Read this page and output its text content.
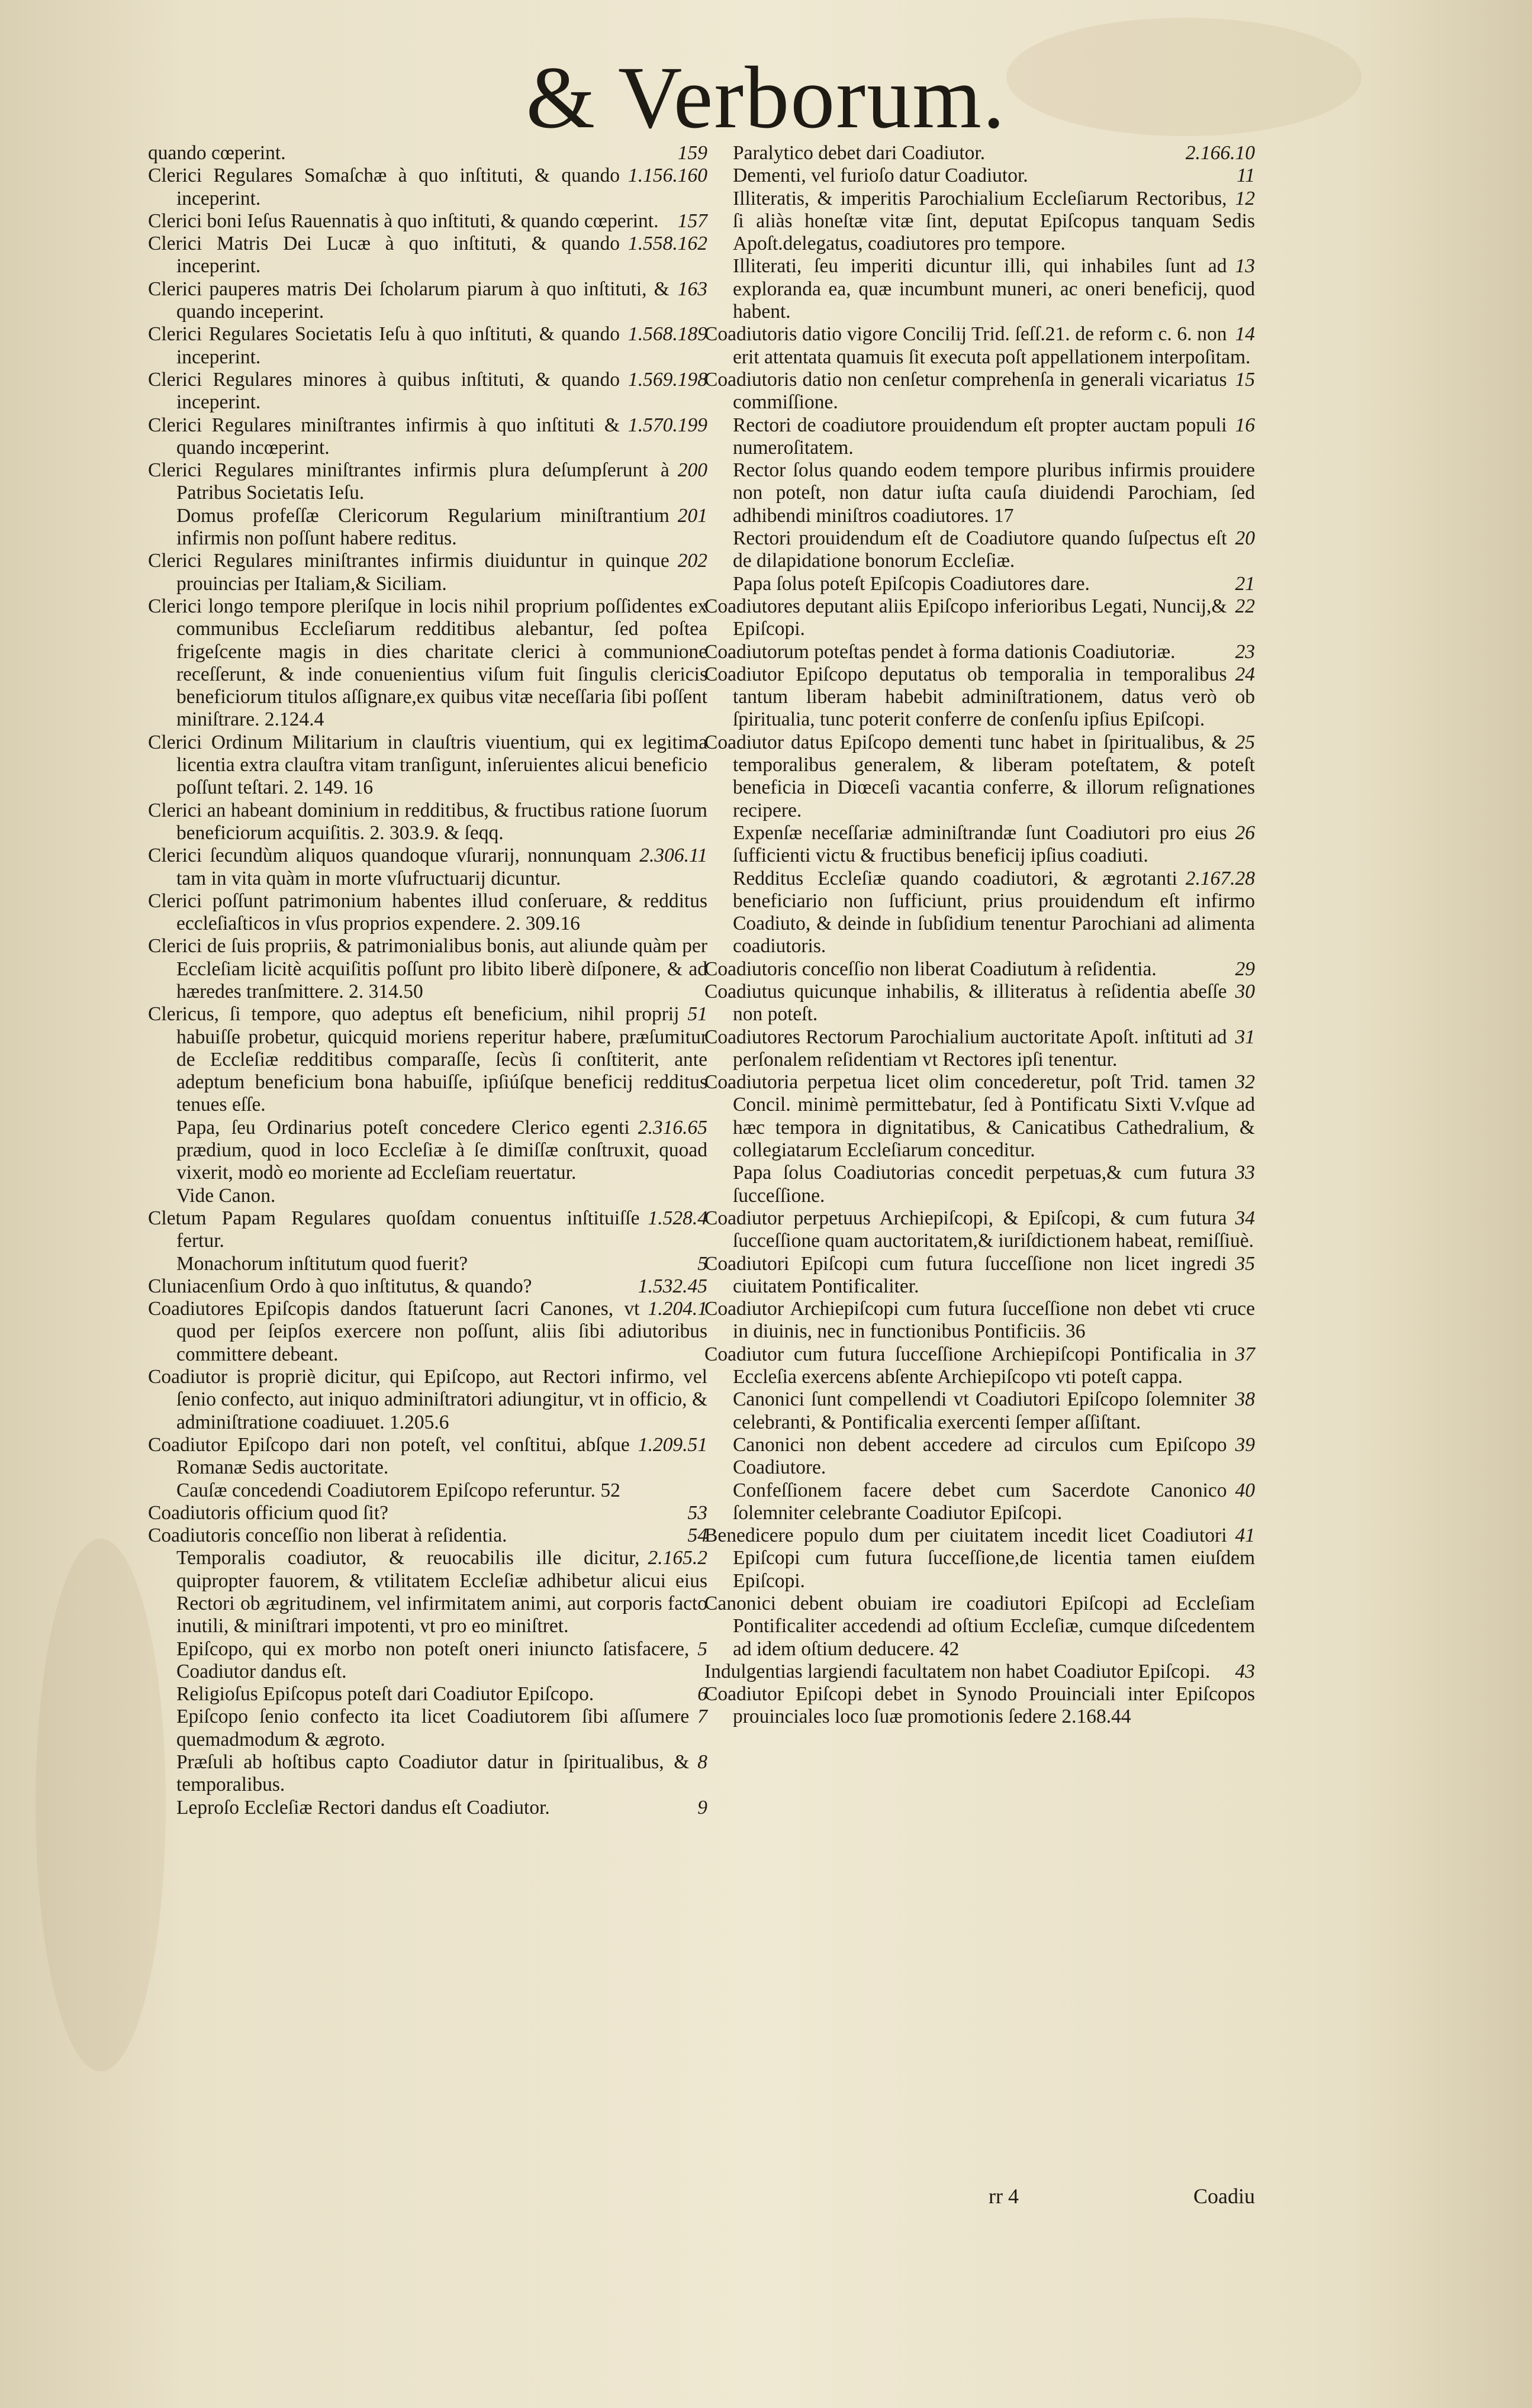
& Verborum.

159
quando cœperint.

1.156.160
Clerici Regulares Somaſchæ à quo inſtituti, & quando inceperint.

157
Clerici boni Ieſus Rauennatis à quo inſtituti, & quando cœperint.

1.558.162
Clerici Matris Dei Lucæ à quo inſtituti, & quando inceperint.

163
Clerici pauperes matris Dei ſcholarum piarum à quo inſtituti, & quando inceperint.

1.568.189
Clerici Regulares Societatis Ieſu à quo inſtituti, & quando inceperint.

1.569.198
Clerici Regulares minores à quibus inſtituti, & quando inceperint.

1.570.199
Clerici Regulares miniſtrantes infirmis à quo inſtituti & quando incœperint.

200
Clerici Regulares miniſtrantes infirmis plura deſumpſerunt à Patribus Societatis Ieſu.

201
Domus profeſſæ Clericorum Regularium miniſtrantium infirmis non poſſunt habere reditus.

202
Clerici Regulares miniſtrantes infirmis diuiduntur in quinque prouincias per Italiam,& Siciliam.

Clerici longo tempore pleriſque in locis nihil proprium poſſidentes ex communibus Eccleſiarum redditibus alebantur, ſed poſtea frigeſcente magis in dies charitate clerici à communione receſſerunt, & inde conuenientius viſum fuit ſingulis clericis beneficiorum titulos aſſignare,ex quibus vitæ neceſſaria ſibi poſſent miniſtrare. 2.124.4

Clerici Ordinum Militarium in clauſtris viuentium, qui ex legitima licentia extra clauſtra vitam tranſigunt, inſeruientes alicui beneficio poſſunt teſtari. 2. 149. 16

Clerici an habeant dominium in redditibus, & fructibus ratione ſuorum beneficiorum acquiſitis. 2. 303.9. & ſeqq.

2.306.11
Clerici ſecundùm aliquos quandoque vſurarij, nonnunquam tam in vita quàm in morte vſufructuarij dicuntur.

Clerici poſſunt patrimonium habentes illud conſeruare, & redditus eccleſiaſticos in vſus proprios expendere. 2. 309.16

Clerici de ſuis propriis, & patrimonialibus bonis, aut aliunde quàm per Eccleſiam licitè acquiſitis poſſunt pro libito liberè diſponere, & ad hæredes tranſmittere. 2. 314.50

51
Clericus, ſi tempore, quo adeptus eſt beneficium, nihil proprij habuiſſe probetur, quicquid moriens reperitur habere, præſumitur de Eccleſiæ redditibus comparaſſe, ſecùs ſi conſtiterit, ante adeptum beneficium bona habuiſſe, ipſiúſque beneficij redditus tenues eſſe.

2.316.65
Papa, ſeu Ordinarius poteſt concedere Clerico egenti prædium, quod in loco Eccleſiæ à ſe dimiſſæ conſtruxit, quoad vixerit, modò eo moriente ad Eccleſiam reuertatur.

Vide Canon.

1.528.4
Cletum Papam Regulares quoſdam conuentus inſtituiſſe fertur.

5
Monachorum inſtitutum quod fuerit?

1.532.45
Cluniacenſium Ordo à quo inſtitutus, & quando?

1.204.1
Coadiutores Epiſcopis dandos ſtatuerunt ſacri Canones, vt quod per ſeipſos exercere non poſſunt, aliis ſibi adiutoribus committere debeant.

Coadiutor is propriè dicitur, qui Epiſcopo, aut Rectori infirmo, vel ſenio confecto, aut iniquo adminiſtratori adiungitur, vt in officio, & adminiſtratione coadiuuet. 1.205.6

1.209.51
Coadiutor Epiſcopo dari non poteſt, vel conſtitui, abſque Romanæ Sedis auctoritate.

Cauſæ concedendi Coadiutorem Epiſcopo referuntur. 52

53
Coadiutoris officium quod ſit?

54
Coadiutoris conceſſio non liberat à reſidentia.

2.165.2
Temporalis coadiutor, & reuocabilis ille dicitur, quipropter fauorem, & vtilitatem Eccleſiæ adhibetur alicui eius Rectori ob ægritudinem, vel infirmitatem animi, aut corporis facto inutili, & miniſtrari impotenti, vt pro eo miniſtret.

5
Epiſcopo, qui ex morbo non poteſt oneri iniuncto ſatisfacere, Coadiutor dandus eſt.

6
Religioſus Epiſcopus poteſt dari Coadiutor Epiſcopo.

7
Epiſcopo ſenio confecto ita licet Coadiutorem ſibi aſſumere quemadmodum & ægroto.

8
Præſuli ab hoſtibus capto Coadiutor datur in ſpiritualibus, & temporalibus.

9
Leproſo Eccleſiæ Rectori dandus eſt Coadiutor.

2.166.10
Paralytico debet dari Coadiutor.

11
Dementi, vel furioſo datur Coadiutor.

12
Illiteratis, & imperitis Parochialium Eccleſiarum Rectoribus, ſi aliàs honeſtæ vitæ ſint, deputat Epiſcopus tanquam Sedis Apoſt.delegatus, coadiutores pro tempore.

13
Illiterati, ſeu imperiti dicuntur illi, qui inhabiles ſunt ad exploranda ea, quæ incumbunt muneri, ac oneri beneficij, quod habent.

14
Coadiutoris datio vigore Concilij Trid. ſeſſ.21. de reform c. 6. non erit attentata quamuis ſit executa poſt appellationem interpoſitam.

15
Coadiutoris datio non cenſetur comprehenſa in generali vicariatus commiſſione.

16
Rectori de coadiutore prouidendum eſt propter auctam populi numeroſitatem.

Rector ſolus quando eodem tempore pluribus infirmis prouidere non poteſt, non datur iuſta cauſa diuidendi Parochiam, ſed adhibendi miniſtros coadiutores. 17

20
Rectori prouidendum eſt de Coadiutore quando ſuſpectus eſt de dilapidatione bonorum Eccleſiæ.

21
Papa ſolus poteſt Epiſcopis Coadiutores dare.

22
Coadiutores deputant aliis Epiſcopo inferioribus Legati, Nuncij,& Epiſcopi.

23
Coadiutorum poteſtas pendet à forma dationis Coadiutoriæ.

24
Coadiutor Epiſcopo deputatus ob temporalia in temporalibus tantum liberam habebit adminiſtrationem, datus verò ob ſpiritualia, tunc poterit conferre de conſenſu ipſius Epiſcopi.

25
Coadiutor datus Epiſcopo dementi tunc habet in ſpiritualibus, & temporalibus generalem, & liberam poteſtatem, & poteſt beneficia in Diœceſi vacantia conferre, & illorum reſignationes recipere.

26
Expenſæ neceſſariæ adminiſtrandæ ſunt Coadiutori pro eius ſufficienti victu & fructibus beneficij ipſius coadiuti.

2.167.28
Redditus Eccleſiæ quando coadiutori, & ægrotanti beneficiario non ſufficiunt, prius prouidendum eſt infirmo Coadiuto, & deinde in ſubſidium tenentur Parochiani ad alimenta coadiutoris.

29
Coadiutoris conceſſio non liberat Coadiutum à reſidentia.

30
Coadiutus quicunque inhabilis, & illiteratus à reſidentia abeſſe non poteſt.

31
Coadiutores Rectorum Parochialium auctoritate Apoſt. inſtituti ad perſonalem reſidentiam vt Rectores ipſi tenentur.

32
Coadiutoria perpetua licet olim concederetur, poſt Trid. tamen Concil. minimè permittebatur, ſed à Pontificatu Sixti V.vſque ad hæc tempora in dignitatibus, & Canicatibus Cathedralium, & collegiatarum Eccleſiarum conceditur.

33
Papa ſolus Coadiutorias concedit perpetuas,& cum futura ſucceſſione.

34
Coadiutor perpetuus Archiepiſcopi, & Epiſcopi, & cum futura ſucceſſione quam auctoritatem,& iuriſdictionem habeat, remiſſiuè.

35
Coadiutori Epiſcopi cum futura ſucceſſione non licet ingredi ciuitatem Pontificaliter.

Coadiutor Archiepiſcopi cum futura ſucceſſione non debet vti cruce in diuinis, nec in functionibus Pontificiis. 36

37
Coadiutor cum futura ſucceſſione Archiepiſcopi Pontificalia in Eccleſia exercens abſente Archiepiſcopo vti poteſt cappa.

38
Canonici ſunt compellendi vt Coadiutori Epiſcopo ſolemniter celebranti, & Pontificalia exercenti ſemper aſſiſtant.

39
Canonici non debent accedere ad circulos cum Epiſcopo Coadiutore.

40
Confeſſionem facere debet cum Sacerdote Canonico ſolemniter celebrante Coadiutor Epiſcopi.

41
Benedicere populo dum per ciuitatem incedit licet Coadiutori Epiſcopi cum futura ſucceſſione,de licentia tamen eiuſdem Epiſcopi.

Canonici debent obuiam ire coadiutori Epiſcopi ad Eccleſiam Pontificaliter accedendi ad oſtium Eccleſiæ, cumque diſcedentem ad idem oſtium deducere. 42

43
Indulgentias largiendi facultatem non habet Coadiutor Epiſcopi.

Coadiutor Epiſcopi debet in Synodo Prouinciali inter Epiſcopos prouinciales loco ſuæ promotionis ſedere 2.168.44

rr 4	Coadiu
